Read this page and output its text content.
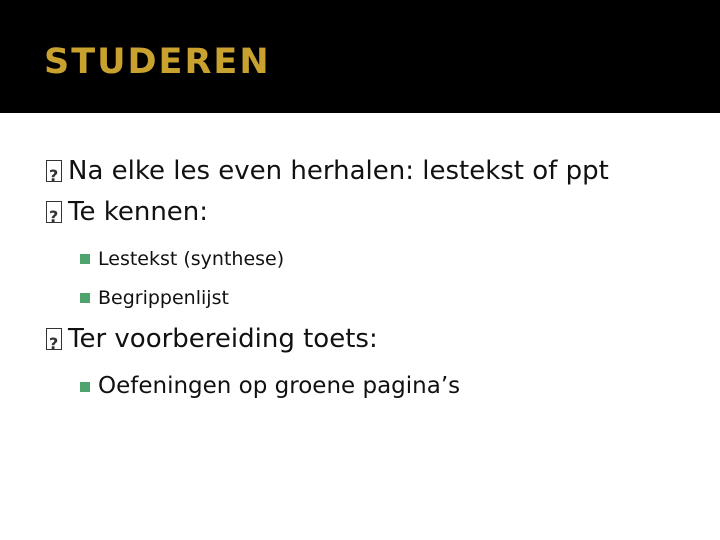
STUDEREN
?
Na elke les even herhalen: lestekst of ppt
?
Te kennen:
Lestekst (synthese)
Begrippenlijst
?
Ter voorbereiding toets:
Oefeningen op groene pagina’s
